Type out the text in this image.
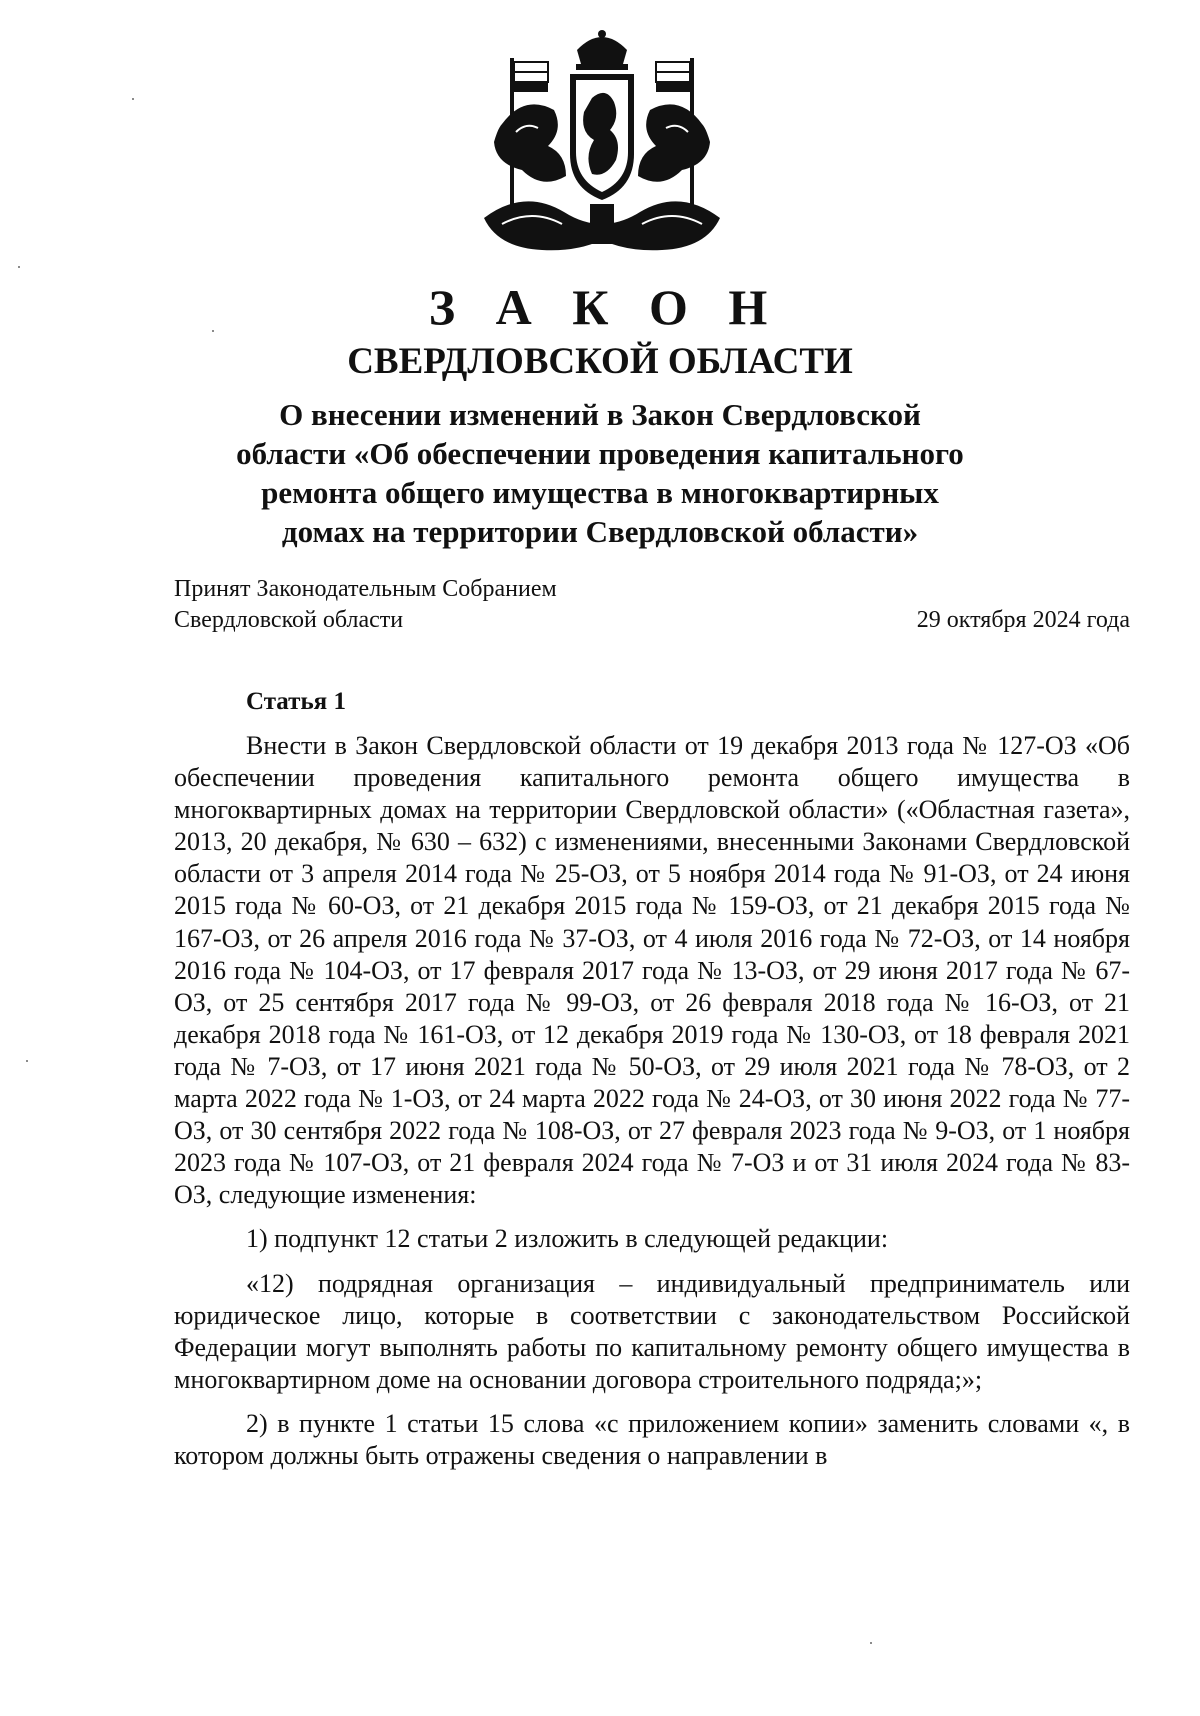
З А К О Н
СВЕРДЛОВСКОЙ ОБЛАСТИ
О внесении изменений в Закон Свердловской
области «Об обеспечении проведения капитального
ремонта общего имущества в многоквартирных
домах на территории Свердловской области»
Принят Законодательным Собранием
Свердловской области	29 октября 2024 года
Статья 1

Внести в Закон Свердловской области от 19 декабря 2013 года № 127-ОЗ «Об обеспечении проведения капитального ремонта общего имущества в многоквартирных домах на территории Свердловской области» («Областная газета», 2013, 20 декабря, № 630 – 632) с изменениями, внесенными Законами Свердловской области от 3 апреля 2014 года № 25-ОЗ, от 5 ноября 2014 года № 91-ОЗ, от 24 июня 2015 года № 60-ОЗ, от 21 декабря 2015 года № 159-ОЗ, от 21 декабря 2015 года № 167-ОЗ, от 26 апреля 2016 года № 37-ОЗ, от 4 июля 2016 года № 72-ОЗ, от 14 ноября 2016 года № 104-ОЗ, от 17 февраля 2017 года № 13-ОЗ, от 29 июня 2017 года № 67-ОЗ, от 25 сентября 2017 года № 99-ОЗ, от 26 февраля 2018 года № 16-ОЗ, от 21 декабря 2018 года № 161-ОЗ, от 12 декабря 2019 года № 130-ОЗ, от 18 февраля 2021 года № 7-ОЗ, от 17 июня 2021 года № 50-ОЗ, от 29 июля 2021 года № 78-ОЗ, от 2 марта 2022 года № 1-ОЗ, от 24 марта 2022 года № 24-ОЗ, от 30 июня 2022 года № 77-ОЗ, от 30 сентября 2022 года № 108-ОЗ, от 27 февраля 2023 года № 9-ОЗ, от 1 ноября 2023 года № 107-ОЗ, от 21 февраля 2024 года № 7-ОЗ и от 31 июля 2024 года № 83-ОЗ, следующие изменения:

1) подпункт 12 статьи 2 изложить в следующей редакции:

«12) подрядная организация – индивидуальный предприниматель или юридическое лицо, которые в соответствии с законодательством Российской Федерации могут выполнять работы по капитальному ремонту общего имущества в многоквартирном доме на основании договора строительного подряда;»;

2) в пункте 1 статьи 15 слова «с приложением копии» заменить словами «, в котором должны быть отражены сведения о направлении в
